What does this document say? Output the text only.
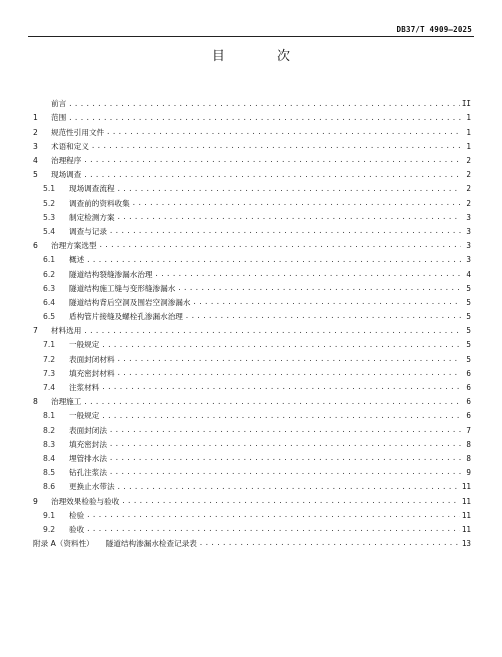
DB37/T 4909—2025
目 次
前言 .....	II
1	范围 .....	1
2	规范性引用文件 .....	1
3	术语和定义 .....	1
4	治理程序 .....	2
5	现场调查 .....	2
5.1	现场调查流程 .....	2
5.2	调查前的资料收集 .....	2
5.3	制定检测方案 .....	3
5.4	调查与记录 .....	3
6	治理方案选型 .....	3
6.1	概述 .....	3
6.2	隧道结构裂缝渗漏水治理 .....	4
6.3	隧道结构施工缝与变形缝渗漏水 .....	5
6.4	隧道结构背后空洞及围岩空洞渗漏水 .....	5
6.5	盾构管片接缝及螺栓孔渗漏水治理 .....	5
7	材料选用 .....	5
7.1	一般规定 .....	5
7.2	表面封闭材料 .....	5
7.3	填充密封材料 .....	6
7.4	注浆材料 .....	6
8	治理施工 .....	6
8.1	一般规定 .....	6
8.2	表面封闭法 .....	7
8.3	填充密封法 .....	8
8.4	埋管排水法 .....	8
8.5	钻孔注浆法 .....	9
8.6	更换止水带法 .....	11
9	治理效果检验与验收 .....	11
9.1	检验 .....	11
9.2	验收 .....	11
附录 A（资料性） 隧道结构渗漏水检查记录表 .....	13
